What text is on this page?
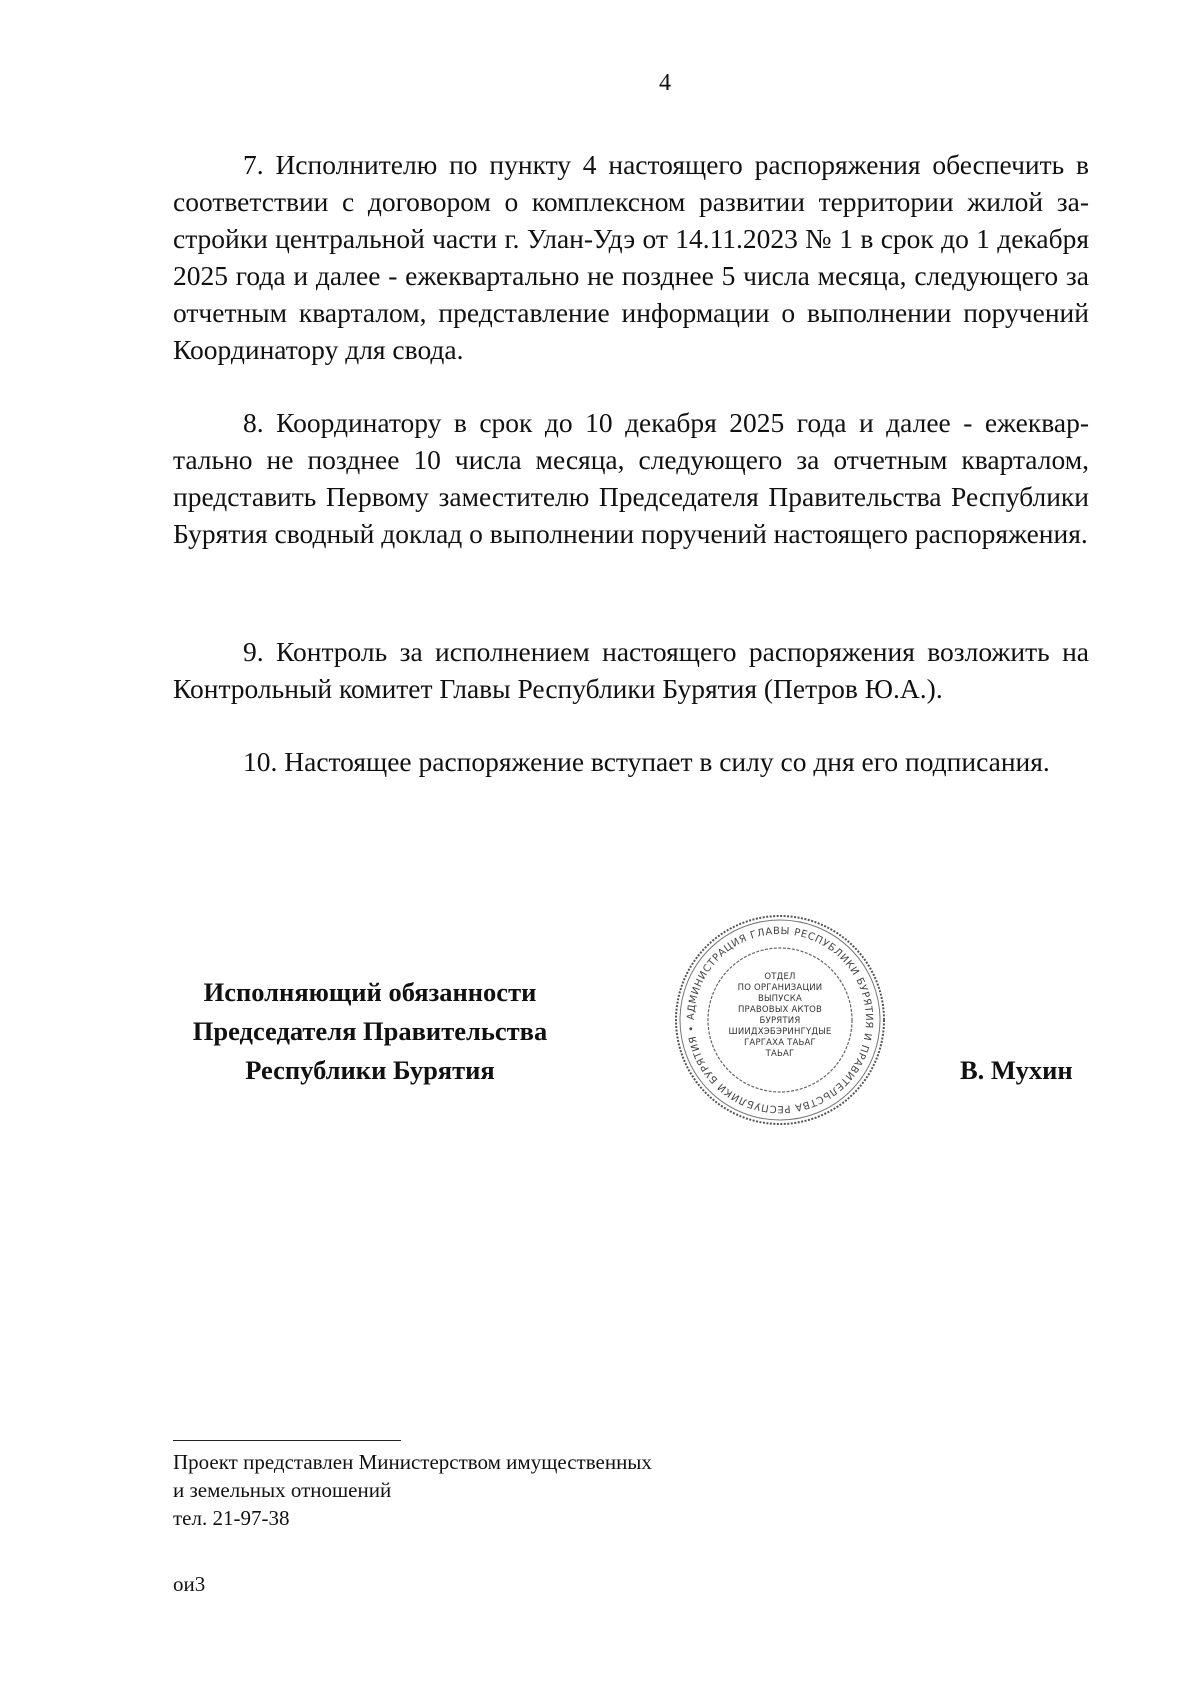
4

7. Исполнителю по пункту 4 настоящего распоряжения обеспечить в соответствии с договором о комплексном развитии территории жилой застройки центральной части г. Улан-Удэ от 14.11.2023 № 1 в срок до 1 декабря 2025 года и далее - ежеквартально не позднее 5 числа месяца, следующего за отчетным кварталом, представление информации о выполнении поручений Координатору для свода.

8. Координатору в срок до 10 декабря 2025 года и далее - ежеквартально не позднее 10 числа месяца, следующего за отчетным кварталом, представить Первому заместителю Председателя Правительства Республики Бурятия сводный доклад о выполнении поручений настоящего распоряжения.

9. Контроль за исполнением настоящего распоряжения возложить на Контрольный комитет Главы Республики Бурятия (Петров Ю.А.).

10. Настоящее распоряжение вступает в силу со дня его подписания.

Исполняющий обязанности
Председателя Правительства
Республики Бурятия
АДМИНИСТРАЦИЯ ГЛАВЫ РЕСПУБЛИКИ БУРЯТИЯ И ПРАВИТЕЛЬСТВА РЕСПУБЛИКИ БУРЯТИЯ •
ОТДЕЛ
ПО ОРГАНИЗАЦИИ
ВЫПУСКА
ПРАВОВЫХ АКТОВ
БУРЯТИЯ
ШИИДХЭБЭРИНГҮДЫЕ
ГАРГАХА ТАЬАГ
ТАЬАГ
В. Мухин
Проект представлен Министерством имущественных
и земельных отношений
тел. 21-97-38
ои3
